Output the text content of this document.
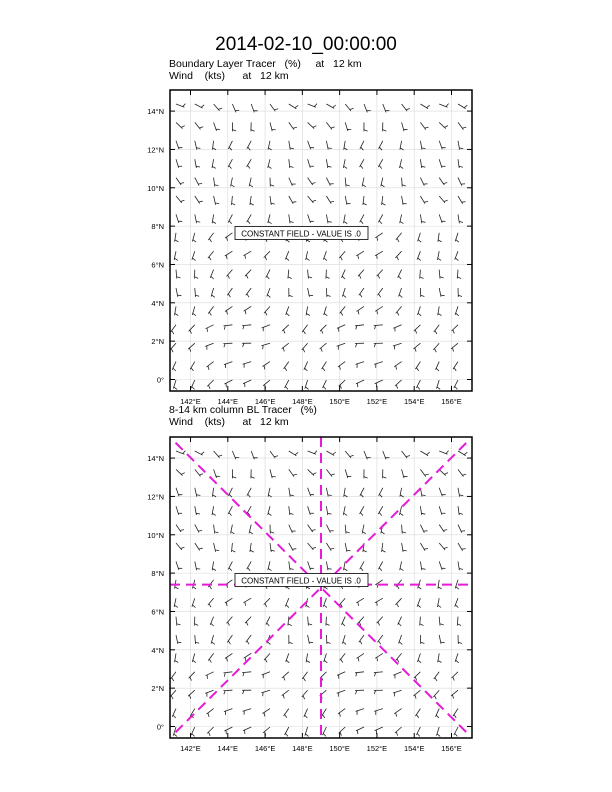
2014-02-10_00:00:00
Boundary Layer Tracer   (%)     at   12 km
Wind    (kts)      at   12 km
8-14 km column BL Tracer   (%)
Wind    (kts)      at   12 km
CONSTANT FIELD - VALUE IS .0
142°E 144°E 146°E 148°E 150°E 152°E 154°E 156°E
0°
2°N
4°N
6°N
8°N
10°N
12°N
14°N
CONSTANT FIELD - VALUE IS .0
142°E 144°E 146°E 148°E 150°E 152°E 154°E 156°E
0°
2°N
4°N
6°N
8°N
10°N
12°N
14°N
